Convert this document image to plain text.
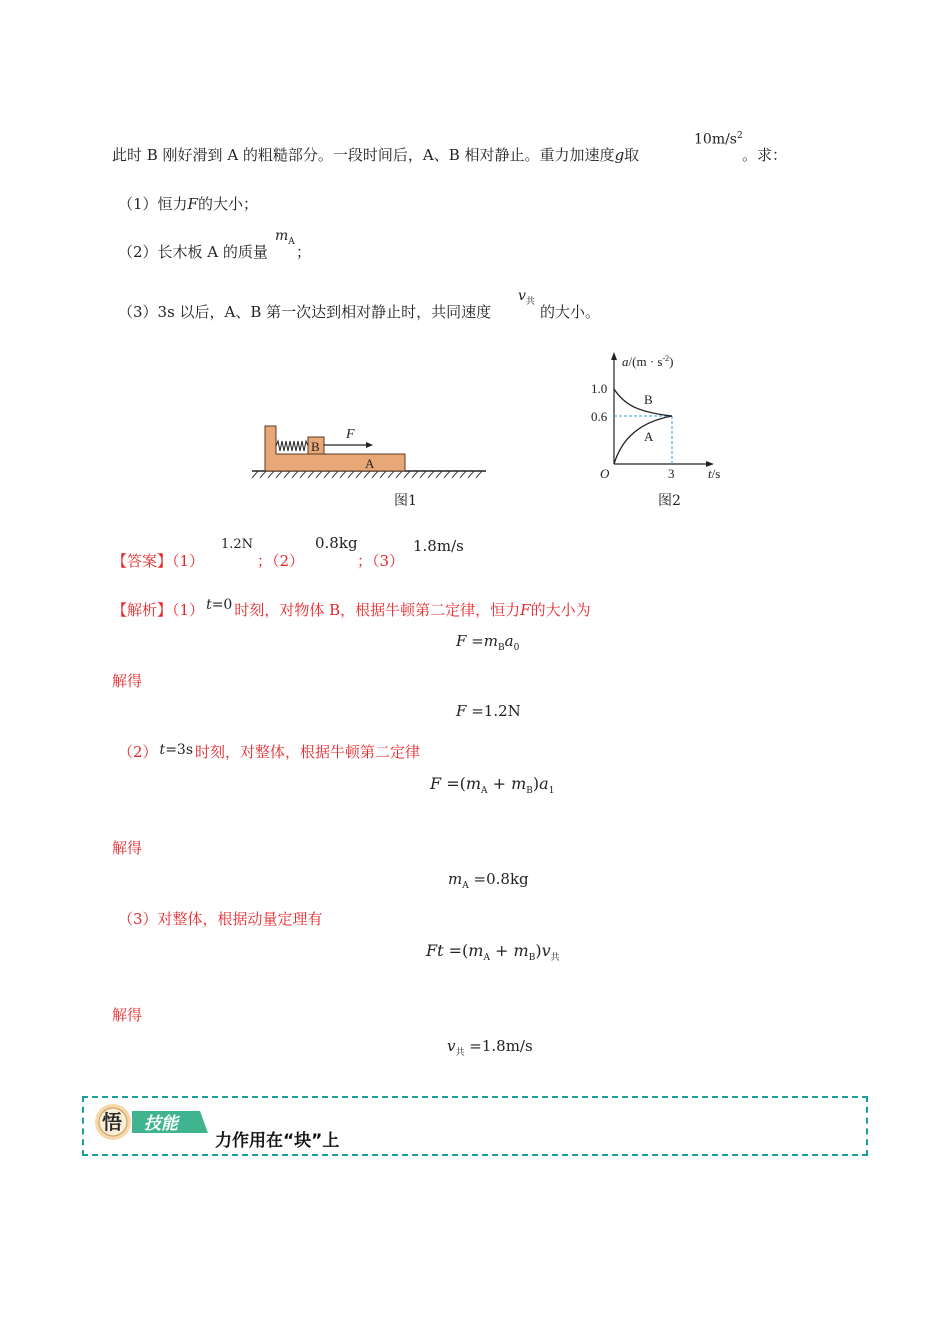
此时 B 刚好滑到 A 的粗糙部分。一段时间后，A、B 相对静止。重力加速度g取
$10m/s^2$
。求：
（1）恒力F的大小；
（2）长木板 A 的质量
$m_A$
；
（3）3s 以后，A、B 第一次达到相对静止时，共同速度
$v_共$
的大小。
B
F
A
图1
$a/(m \cdot s^{-2})$
1.0
0.6
O	3	t/s
B
A
图2
【答案】（1）
1.2N
；（2）
0.8kg
；（3）
1.8m/s
【解析】（1） t=0 时刻，对物体 B，根据牛顿第二定律，恒力F的大小为
$F =m_Ba_0$
解得
F =1.2N
（2） t=3s 时刻，对整体，根据牛顿第二定律
$F =(m_A + m_B)a_1$
解得
$m_A =0.8kg$
（3）对整体，根据动量定理有
$Ft =(m_A + m_B)v_共$
解得
$v_共 =1.8m/s$
悟 技能
力作用在“块”上
